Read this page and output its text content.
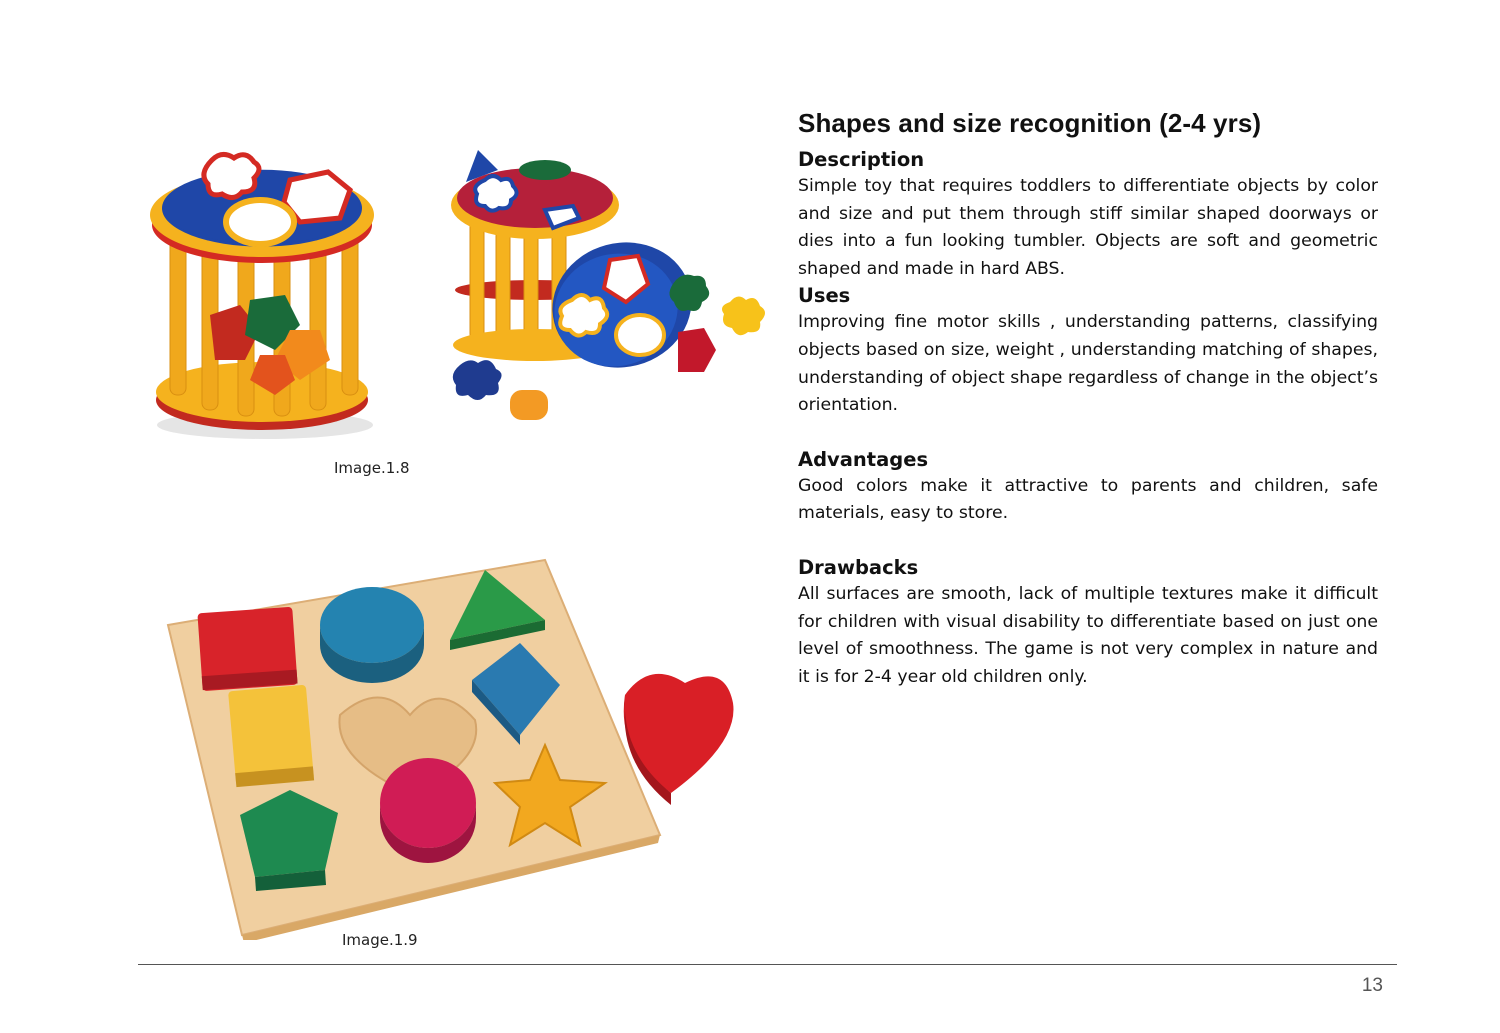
Image.1.8
Image.1.9
Shapes and size recognition (2-4 yrs)
Description

Simple toy that requires toddlers to differentiate objects by color and size and put them through stiff similar shaped doorways or dies into a fun looking tumbler. Objects are soft and geometric shaped and made in hard ABS.

Uses

Improving fine motor skills , understanding patterns, classifying objects based on size, weight , understanding matching of shapes, understanding of object shape regardless of change in the object’s orientation.

Advantages

Good colors make it attractive to parents and children, safe materials, easy to store.

Drawbacks

All surfaces are smooth, lack of multiple textures make it difficult for children with visual disability to differentiate based on just one level of smoothness. The game is not very complex in nature and it is for 2-4 year old children only.

13
